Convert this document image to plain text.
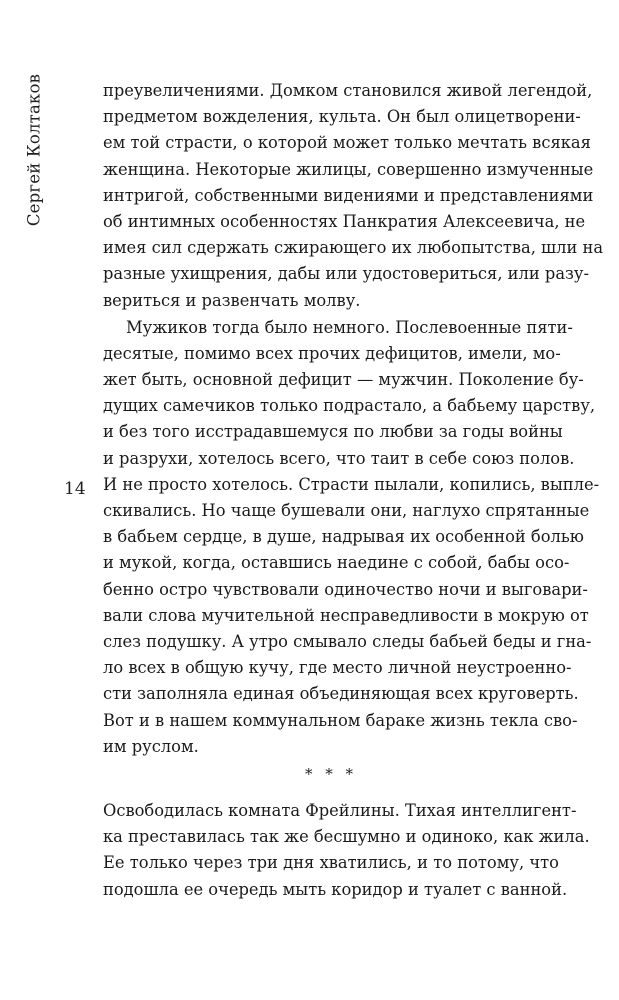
Сергей Колтаков
14
преувеличениями. Домком становился живой легендой,
предметом вожделения, культа. Он был олицетворени-
ем той страсти, о которой может только мечтать всякая
женщина. Некоторые жилицы, совершенно измученные
интригой, собственными видениями и представлениями
об интимных особенностях Панкратия Алексеевича, не
имея сил сдержать сжирающего их любопытства, шли на
разные ухищрения, дабы или удостовериться, или разу-
вериться и развенчать молву.
Мужиков тогда было немного. Послевоенные пяти-
десятые, помимо всех прочих дефицитов, имели, мо-
жет быть, основной дефицит — мужчин. Поколение бу-
дущих самечиков только подрастало, а бабьему царству,
и без того исстрадавшемуся по любви за годы войны
и разрухи, хотелось всего, что таит в себе союз полов.
И не просто хотелось. Страсти пылали, копились, выпле-
скивались. Но чаще бушевали они, наглухо спрятанные
в бабьем сердце, в душе, надрывая их особенной болью
и мукой, когда, оставшись наедине с собой, бабы осо-
бенно остро чувствовали одиночество ночи и выговари-
вали слова мучительной несправедливости в мокрую от
слез подушку. А утро смывало следы бабьей беды и гна-
ло всех в общую кучу, где место личной неустроенно-
сти заполняла единая объединяющая всех круговерть.
Вот и в нашем коммунальном бараке жизнь текла сво-
им руслом.
* * *
Освободилась комната Фрейлины. Тихая интеллигент-
ка преставилась так же бесшумно и одиноко, как жила.
Ее только через три дня хватились, и то потому, что
подошла ее очередь мыть коридор и туалет с ванной.
